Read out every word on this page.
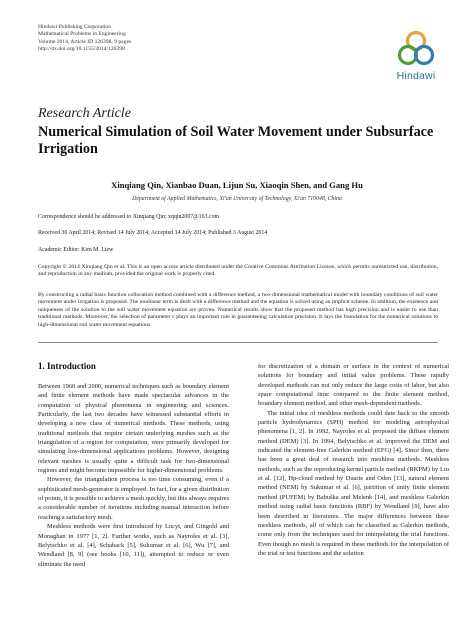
Hindawi Publishing Corporation
Mathematical Problems in Engineering
Volume 2014, Article ID 126398, 9 pages
http://dx.doi.org/10.1155/2014/126398
Hindawi
Research Article
Numerical Simulation of Soil Water Movement under Subsurface Irrigation
Xinqiang Qin, Xianbao Duan, Lijun Su, Xiaoqin Shen, and Gang Hu
Department of Applied Mathematics, Xi'an University of Technology, Xi'an 710048, China
Correspondence should be addressed to Xinqiang Qin; xqqin2007@163.com
Received 30 April 2014; Revised 14 July 2014; Accepted 14 July 2014; Published 3 August 2014
Academic Editor: Kim M. Liew
Copyright © 2014 Xinqiang Qin et al. This is an open access article distributed under the Creative Commons Attribution License, which permits unrestricted use, distribution, and reproduction in any medium, provided the original work is properly cited.
By constructing a radial basis function collocation method combined with a difference method, a two-dimensional mathematical model with boundary conditions of soil water movement under irrigation is proposed. The nonlinear term is dealt with a difference method and the equation is solved using an implicit scheme. In addition, the existence and uniqueness of the solution to the soil water movement equation are proven. Numerical results show that the proposed method has high precision and is easier to use than traditional methods. Moreover, the selection of parameter c plays an important role in guaranteeing calculation precision. It lays the foundation for the numerical solutions to high-dimensional soil water movement equations.
1. Introduction

Between 1960 and 2000, numerical techniques such as boundary element and finite element methods have made spectacular advances in the computation of physical phenomena in engineering and sciences. Particularly, the last two decades have witnessed substantial efforts in developing a new class of numerical methods. These methods, using traditional methods that require certain underlying meshes such as the triangulation of a region for computation, were primarily developed for simulating low-dimensional applications problems. However, designing relevant meshes is usually quite a difficult task for two-dimensional regions and might become impossible for higher-dimensional problems.

However, the triangulation process is too time consuming, even if a sophisticated mesh-generator is employed. In fact, for a given distribution of points, it is possible to achieve a mesh quickly, but this always requires a considerable number of iterations including manual interaction before reaching a satisfactory mesh.

Meshless methods were first introduced by Lucyt, and Gingold and Monaghan in 1977 [1, 2]. Further works, such as Nayroles et al. [3], Belytschko et al. [4], Schaback [5], Sukumar et al. [6], Wu [7], and Wendland [8, 9] (see books [10, 11]), attempted to reduce or even eliminate the need

for discretization of a domain or surface in the context of numerical solutions for boundary and initial value problems. These rapidly developed methods can not only reduce the large costs of labor, but also spare computational time compared to the finite element method, boundary element method, and other mesh-dependent methods.

The initial idea of meshless methods could date back to the smooth particle hydrodynamics (SPH) method for modeling astrophysical phenomena [1, 2]. In 1992, Nayroles et al. proposed the diffuse element method (DEM) [3]. In 1994, Belytschko et al. improved the DEM and indicated the element-free Galerkin method (EFG) [4]. Since then, there has been a great deal of research into meshless methods. Meshless methods, such as the reproducing kernel particle method (RKPM) by Liu et al. [12], Hp-cloud method by Duarte and Oden [13], natural element method (NEM) by Sukumar et al. [6], partition of unity finite element method (PUFEM) by Babuška and Melenk [14], and meshless Galerkin method using radial basis functions (RBF) by Wendland [9], have also been described in literatures. The major differences between these meshless methods, all of which can be classified as Galerkin methods, come only from the techniques used for interpolating the trial functions. Even though no mesh is required in these methods for the interpolation of the trial or test functions and the solution
